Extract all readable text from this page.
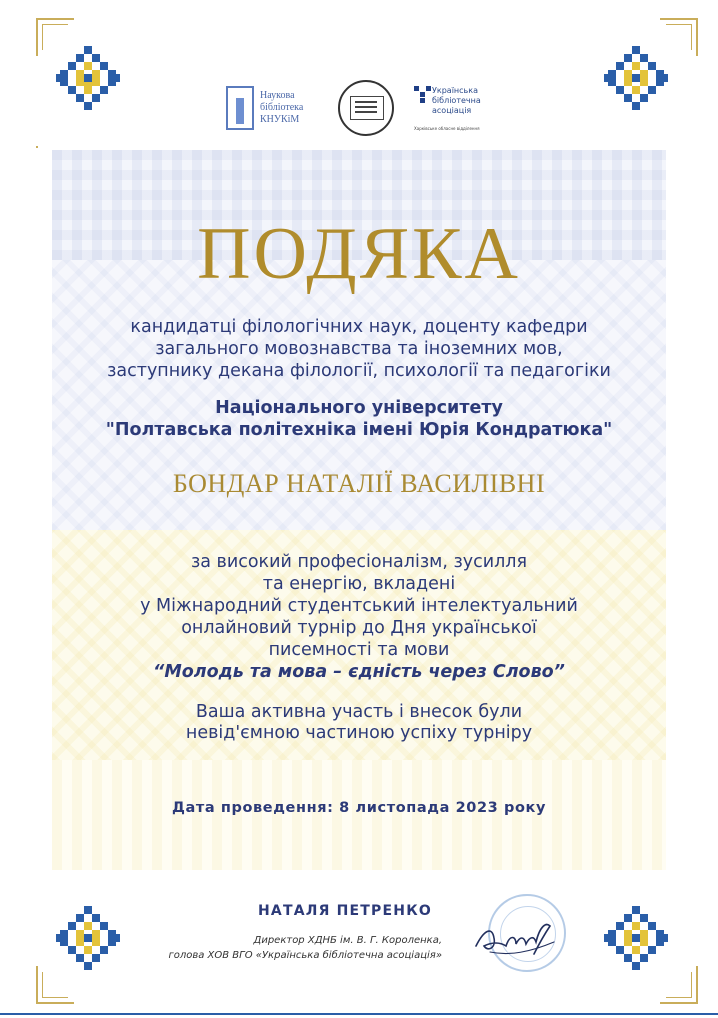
Наукова
бібліотека
КНУКіМ
Українська
бібліотечна
асоціація
Харківське обласне відділення
ПОДЯКА
кандидатці філологічних наук, доценту кафедри
загального мовознавства та іноземних мов,
заступнику декана філології, психології та педагогіки
Національного університету
"Полтавська політехніка імені Юрія Кондратюка"
БОНДАР НАТАЛІЇ ВАСИЛІВНІ
за високий професіоналізм, зусилля
та енергію, вкладені
у Міжнародний студентський інтелектуальний
онлайновий турнір до Дня української
писемності та мови
“Молодь та мова – єдність через Слово”
Ваша активна участь і внесок були
невід'ємною частиною успіху турніру
Дата проведення: 8 листопада 2023 року
НАТАЛЯ ПЕТРЕНКО
Директор ХДНБ ім. В. Г. Короленка,
голова ХОВ ВГО «Українська бібліотечна асоціація»
